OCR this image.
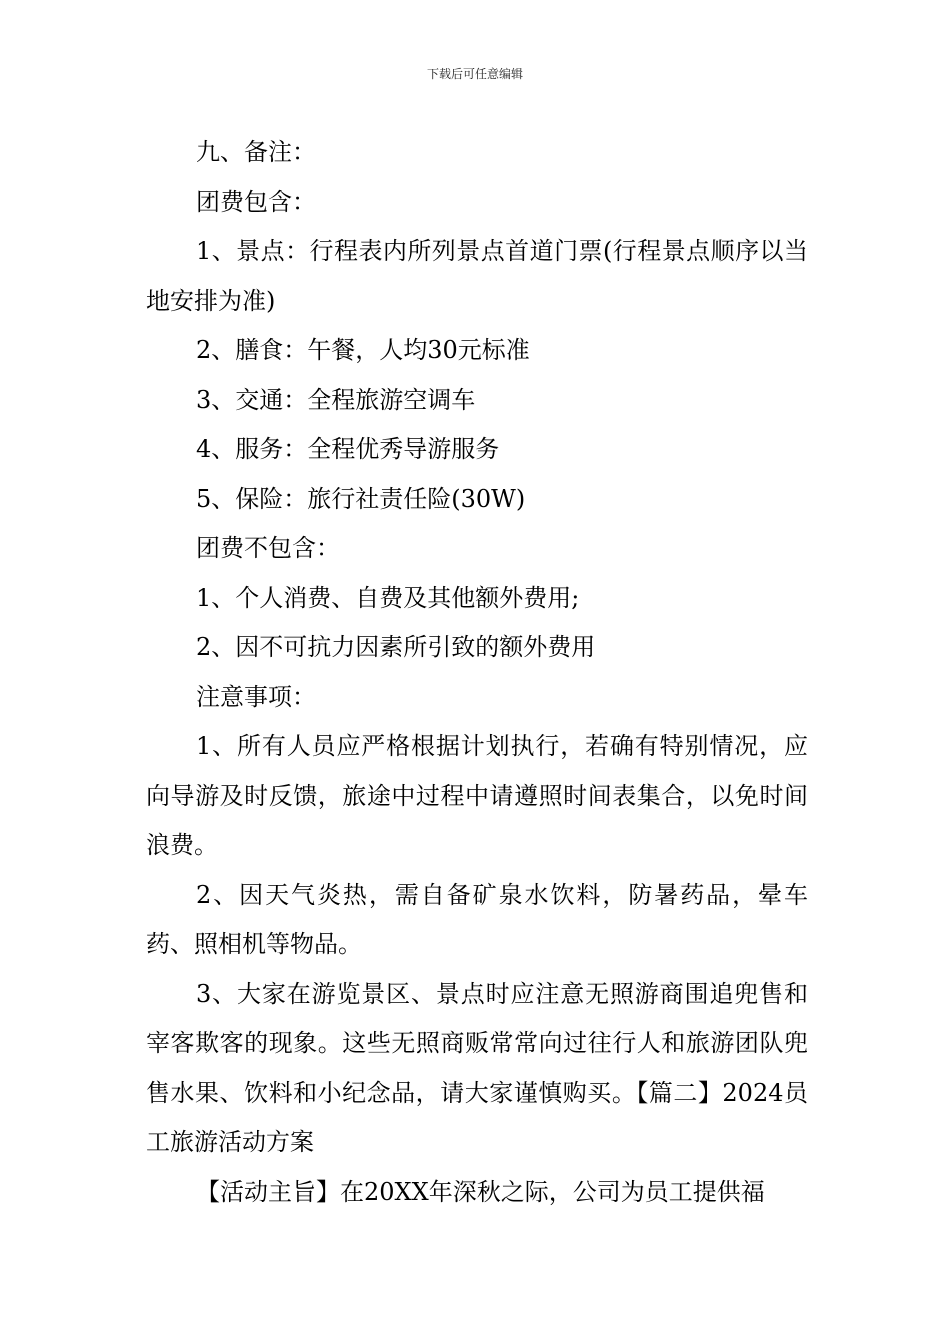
下载后可任意编辑

九、备注：

团费包含：

1、景点：行程表内所列景点首道门票(行程景点顺序以当地安排为准)

2、膳食：午餐，人均30元标准

3、交通：全程旅游空调车

4、服务：全程优秀导游服务

5、保险：旅行社责任险(30W)

团费不包含：

1、个人消费、自费及其他额外费用;

2、因不可抗力因素所引致的额外费用

注意事项：

1、所有人员应严格根据计划执行，若确有特别情况，应向导游及时反馈，旅途中过程中请遵照时间表集合，以免时间浪费。

2、因天气炎热，需自备矿泉水饮料，防暑药品，晕车药、照相机等物品。

3、大家在游览景区、景点时应注意无照游商围追兜售和宰客欺客的现象。这些无照商贩常常向过往行人和旅游团队兜售水果、饮料和小纪念品，请大家谨慎购买。【篇二】2024员工旅游活动方案

【活动主旨】在20XX年深秋之际，公司为员工提供福
